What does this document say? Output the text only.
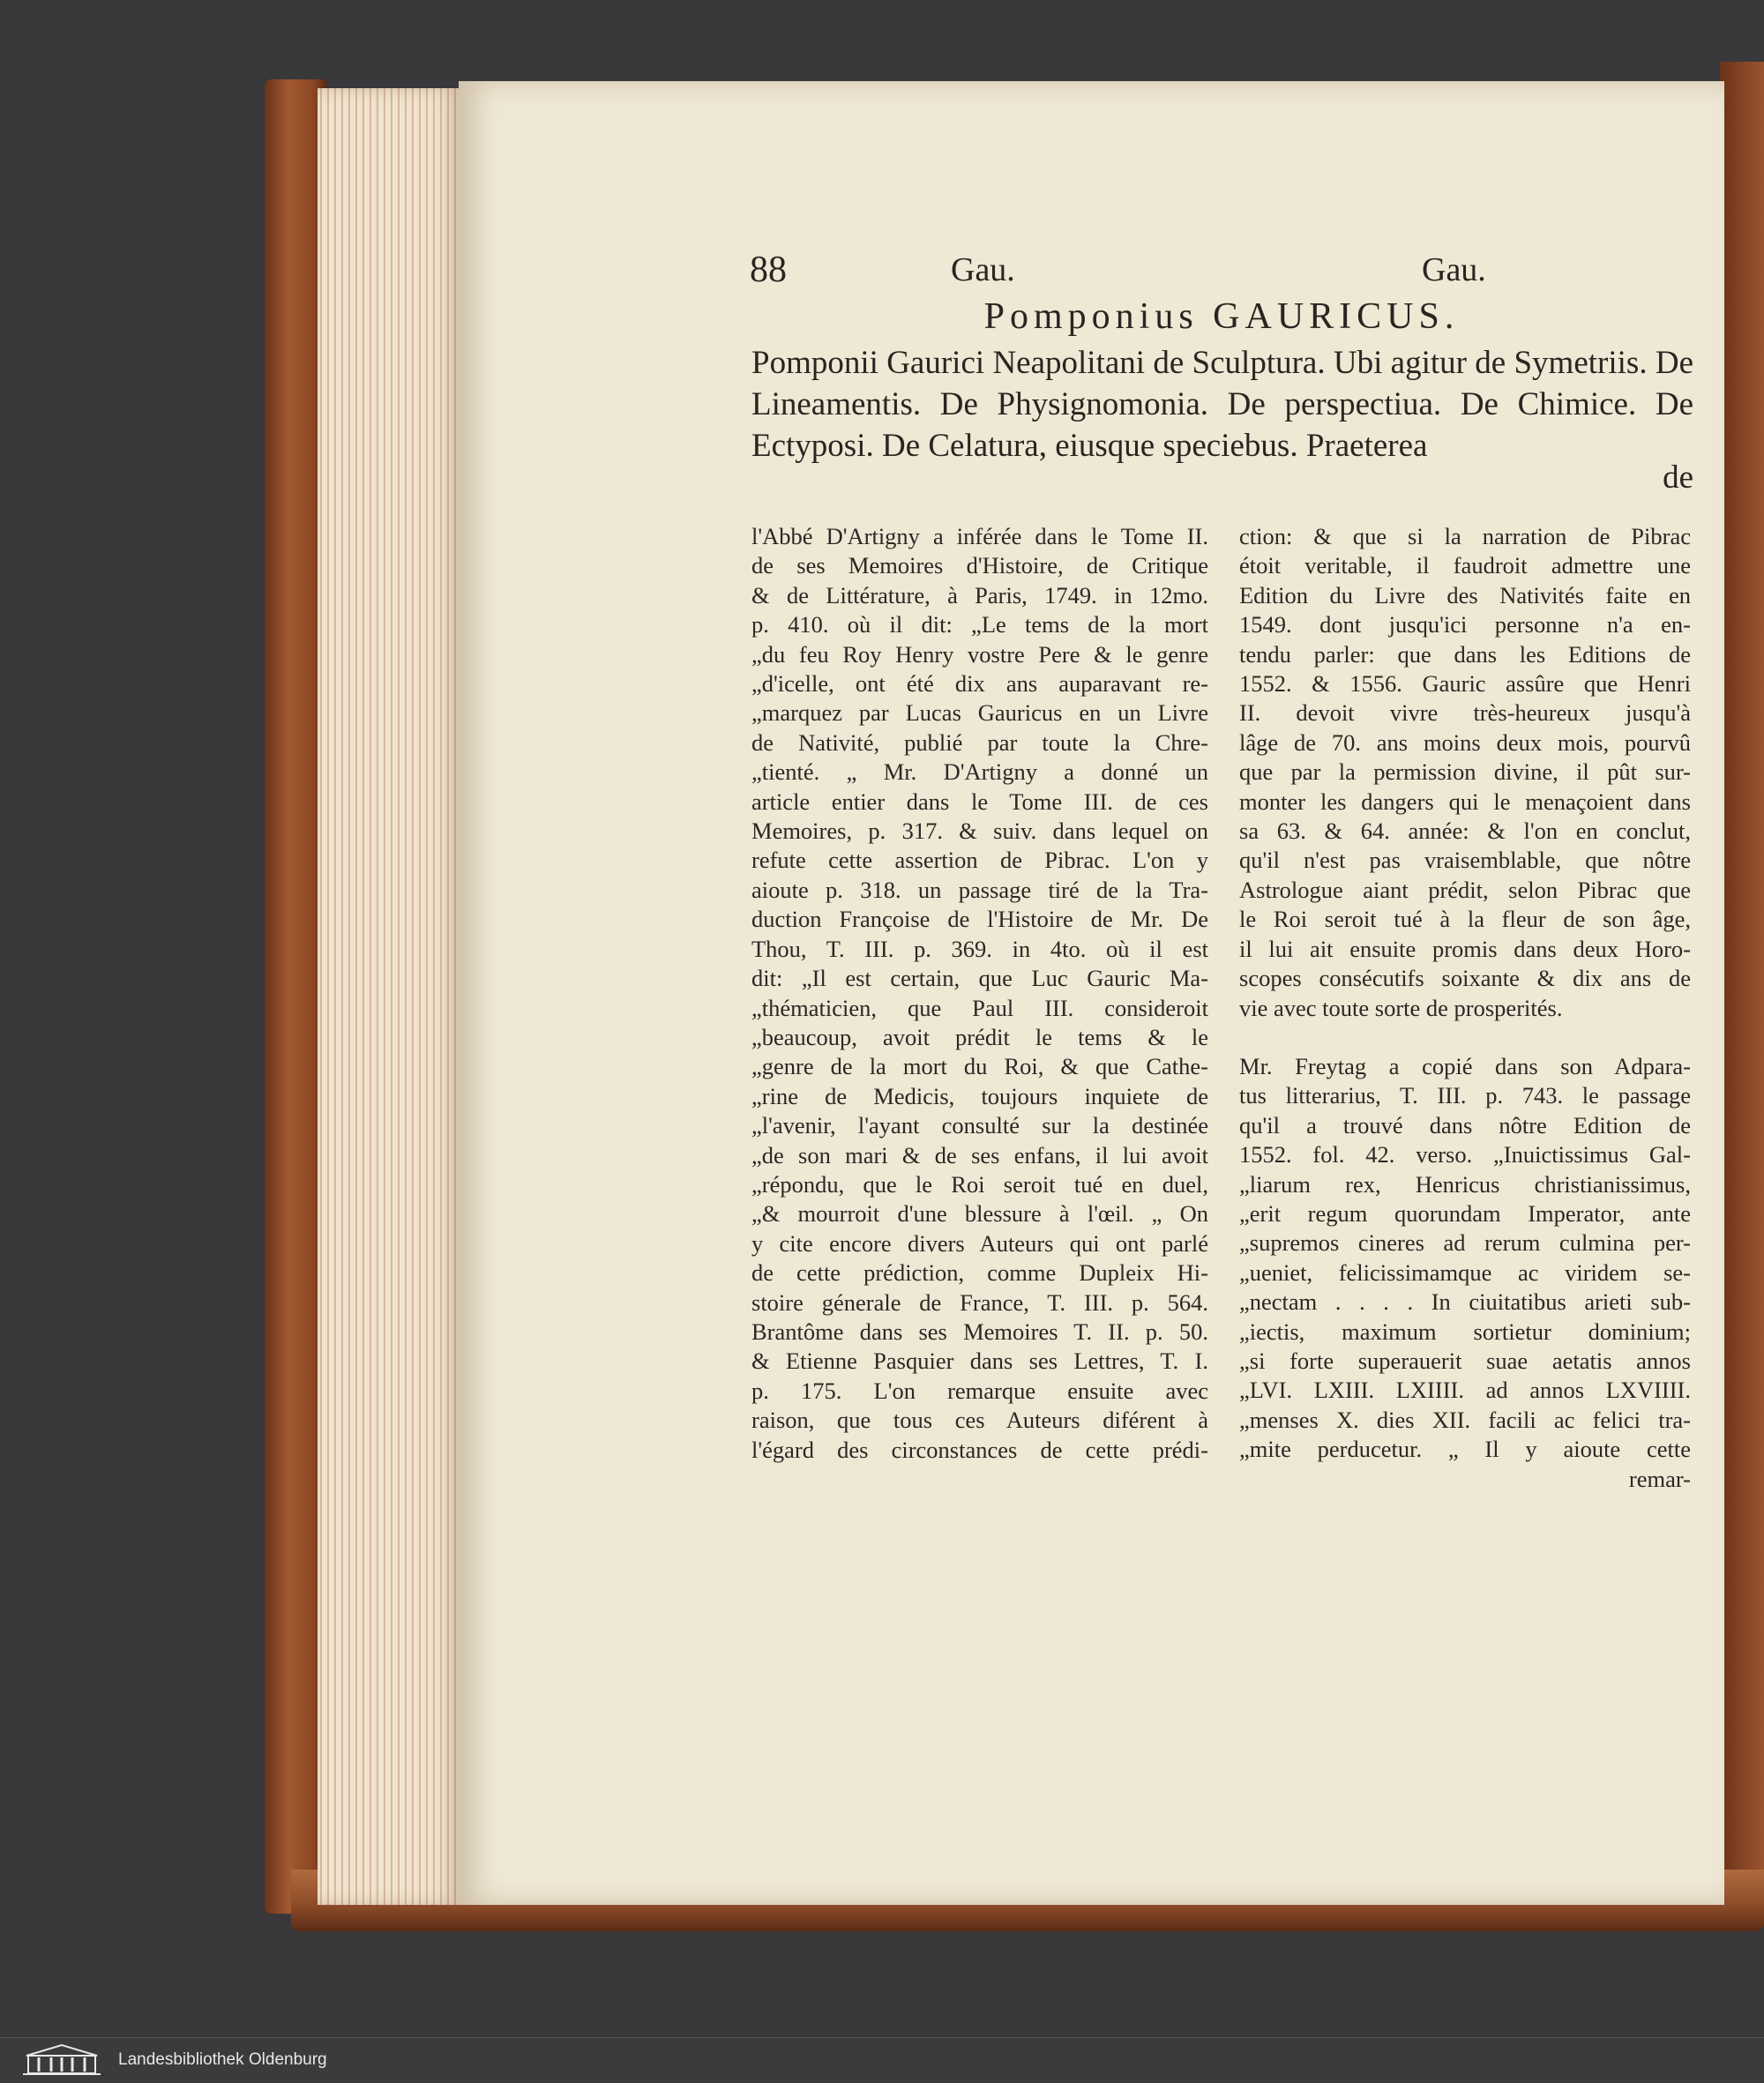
88	Gau.	Gau.
Pomponius GAURICUS.
Pomponii Gaurici Neapolitani de Sculptura. Ubi agitur de Symetriis. De Lineamentis. De Physignomonia. De perspectiua. De Chimice. De Ectyposi. De Celatura, eiusque speciebus. Praeterea
de

l'Abbé D'Artigny a inférée dans le Tome II.

de ses Memoires d'Histoire, de Critique

& de Littérature, à Paris, 1749. in 12mo.

p. 410. où il dit: „Le tems de la mort

„du feu Roy Henry vostre Pere & le genre

„d'icelle, ont été dix ans auparavant re-

„marquez par Lucas Gauricus en un Livre

de Nativité, publié par toute la Chre-

„tienté. „ Mr. D'Artigny a donné un

article entier dans le Tome III. de ces

Memoires, p. 317. & suiv. dans lequel on

refute cette assertion de Pibrac. L'on y

aioute p. 318. un passage tiré de la Tra-

duction Françoise de l'Histoire de Mr. De

Thou, T. III. p. 369. in 4to. où il est

dit: „Il est certain, que Luc Gauric Ma-

„thématicien, que Paul III. consideroit

„beaucoup, avoit prédit le tems & le

„genre de la mort du Roi, & que Cathe-

„rine de Medicis, toujours inquiete de

„l'avenir, l'ayant consulté sur la destinée

„de son mari & de ses enfans, il lui avoit

„répondu, que le Roi seroit tué en duel,

„& mourroit d'une blessure à l'œil. „ On

y cite encore divers Auteurs qui ont parlé

de cette prédiction, comme Dupleix Hi-

stoire génerale de France, T. III. p. 564.

Brantôme dans ses Memoires T. II. p. 50.

& Etienne Pasquier dans ses Lettres, T. I.

p. 175. L'on remarque ensuite avec

raison, que tous ces Auteurs diférent à

l'égard des circonstances de cette prédi-

ction: & que si la narration de Pibrac

étoit veritable, il faudroit admettre une

Edition du Livre des Nativités faite en

1549. dont jusqu'ici personne n'a en-

tendu parler: que dans les Editions de

1552. & 1556. Gauric assûre que Henri

II. devoit vivre très-heureux jusqu'à

lâge de 70. ans moins deux mois, pourvû

que par la permission divine, il pût sur-

monter les dangers qui le menaçoient dans

sa 63. & 64. année: & l'on en conclut,

qu'il n'est pas vraisemblable, que nôtre

Astrologue aiant prédit, selon Pibrac que

le Roi seroit tué à la fleur de son âge,

il lui ait ensuite promis dans deux Horo-

scopes consécutifs soixante & dix ans de

vie avec toute sorte de prosperités.

Mr. Freytag a copié dans son Adpara-

tus litterarius, T. III. p. 743. le passage

qu'il a trouvé dans nôtre Edition de

1552. fol. 42. verso. „Inuictissimus Gal-

„liarum rex, Henricus christianissimus,

„erit regum quorundam Imperator, ante

„supremos cineres ad rerum culmina per-

„ueniet, felicissimamque ac viridem se-

„nectam . . . . In ciuitatibus arieti sub-

„iectis, maximum sortietur dominium;

„si forte superauerit suae aetatis annos

„LVI. LXIII. LXIIII. ad annos LXVIIII.

„menses X. dies XII. facili ac felici tra-

„mite perducetur. „ Il y aioute cette

remar-

Landesbibliothek Oldenburg
